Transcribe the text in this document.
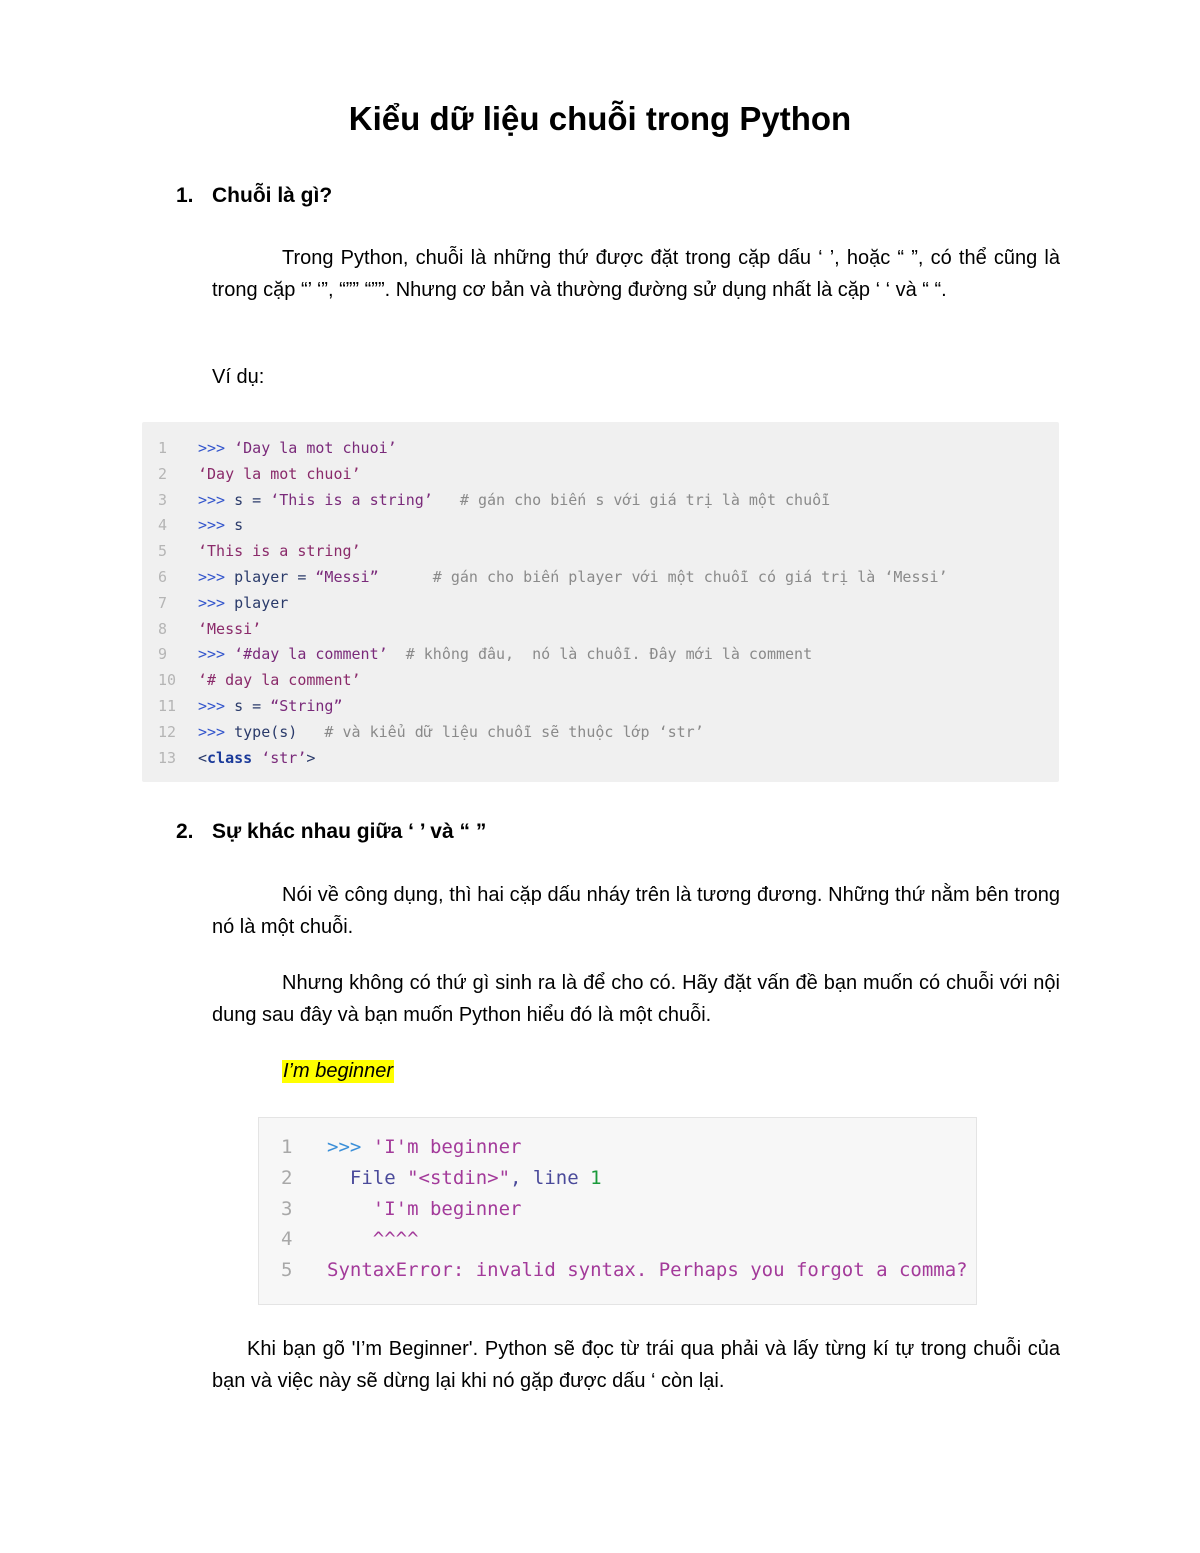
Kiểu dữ liệu chuỗi trong Python
1. Chuỗi là gì?

Trong Python, chuỗi là những thứ được đặt trong cặp dấu ‘ ’, hoặc “ ”, có thể cũng là trong cặp “’ ‘”, “”” “””. Nhưng cơ bản và thường đường sử dụng nhất là cặp ‘ ‘ và “ “.

Ví dụ:
1	>>> ‘Day la mot chuoi’
2	‘Day la mot chuoi’
3	>>> s = ‘This is a string’   # gán cho biến s với giá trị là một chuỗi
4	>>> s
5	‘This is a string’
6	>>> player = “Messi”      # gán cho biến player với một chuỗi có giá trị là ‘Messi’
7	>>> player
8	‘Messi’
9	>>> ‘#day la comment’  # không đâu,  nó là chuỗi. Đây mới là comment
10	‘# day la comment’
11	>>> s = “String”
12	>>> type(s)   # và kiểu dữ liệu chuỗi sẽ thuộc lớp ‘str’
13	<class ‘str’>
2. Sự khác nhau giữa ‘ ’ và “ ”

Nói về công dụng, thì hai cặp dấu nháy trên là tương đương. Những thứ nằm bên trong nó là một chuỗi.

Nhưng không có thứ gì sinh ra là để cho có. Hãy đặt vấn đề bạn muốn có chuỗi với nội dung sau đây và bạn muốn Python hiểu đó là một chuỗi.

I’m beginner
1 >>> 'I'm beginner
2 File "<stdin>", line 1
3 'I'm beginner
4 ^^^^
5 SyntaxError: invalid syntax. Perhaps you forgot a comma?

Khi bạn gõ 'I’m Beginner'. Python sẽ đọc từ trái qua phải và lấy từng kí tự trong chuỗi của bạn và việc này sẽ dừng lại khi nó gặp được dấu ‘ còn lại.
